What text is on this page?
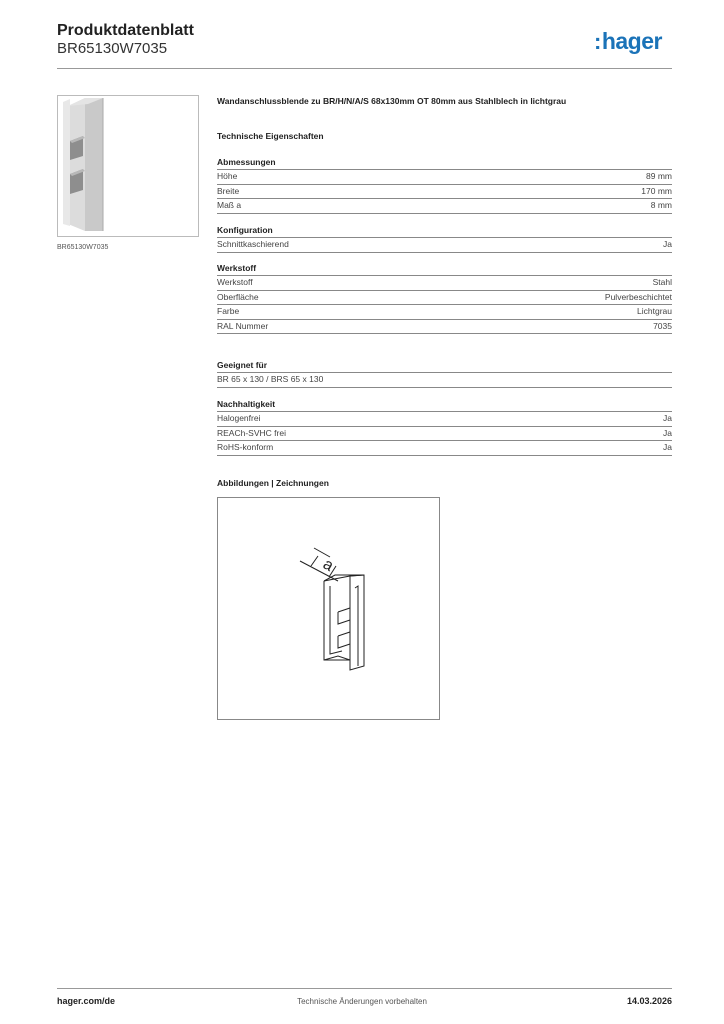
Produktdatenblatt
BR65130W7035	:hager
BR65130W7035
Wandanschlussblende zu BR/H/N/A/S 68x130mm OT 80mm aus Stahlblech in lichtgrau
Technische Eigenschaften
Abmessungen
Höhe	89 mm
Breite	170 mm
Maß a	8 mm
Konfiguration
Schnittkaschierend	Ja
Werkstoff
Werkstoff	Stahl
Oberfläche	Pulverbeschichtet
Farbe	Lichtgrau
RAL Nummer	7035
Geeignet für
BR 65 x 130 / BRS 65 x 130
Nachhaltigkeit
Halogenfrei	Ja
REACh-SVHC frei	Ja
RoHS-konform	Ja
Abbildungen | Zeichnungen
a
hager.com/de	Technische Änderungen vorbehalten	14.03.2026
